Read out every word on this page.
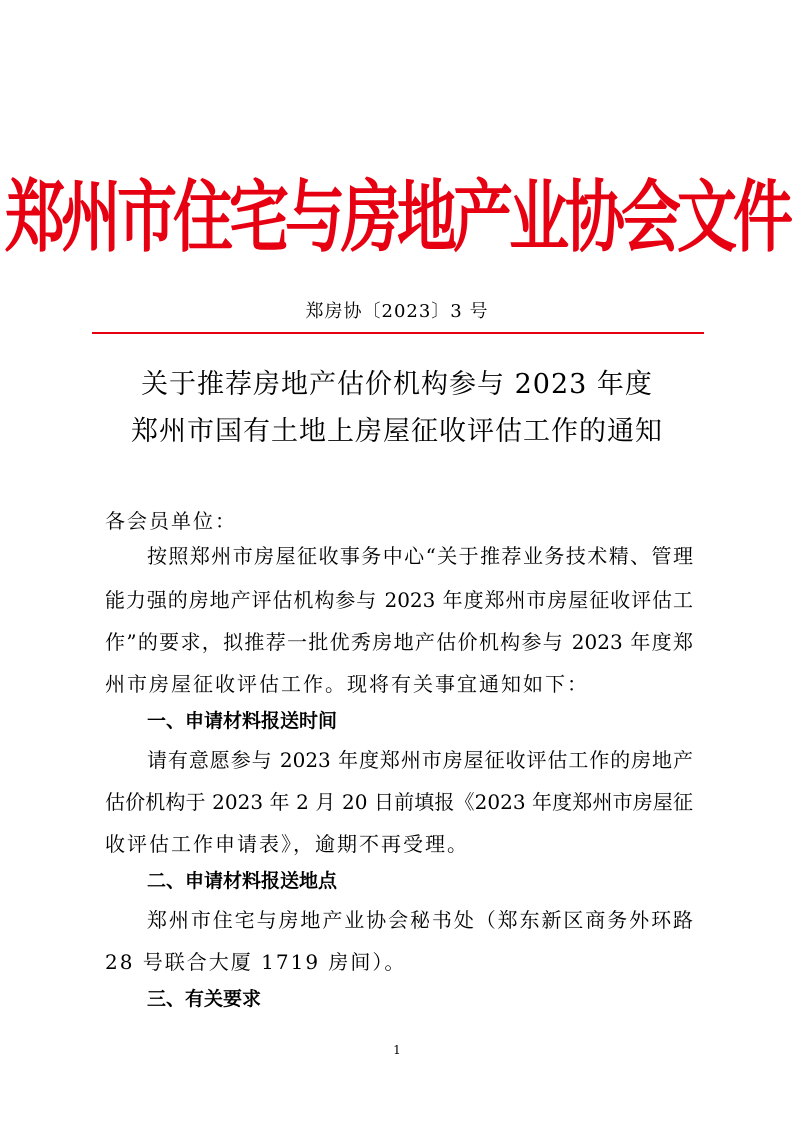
郑州市住宅与房地产业协会文件
郑房协〔2023〕3 号
关于推荐房地产估价机构参与 2023 年度
郑州市国有土地上房屋征收评估工作的通知
各会员单位：
按照郑州市房屋征收事务中心“关于推荐业务技术精、管理
能力强的房地产评估机构参与 2023 年度郑州市房屋征收评估工
作”的要求，拟推荐一批优秀房地产估价机构参与 2023 年度郑
州市房屋征收评估工作。现将有关事宜通知如下：
一、申请材料报送时间
请有意愿参与 2023 年度郑州市房屋征收评估工作的房地产
估价机构于 2023 年 2 月 20 日前填报《2023 年度郑州市房屋征
收评估工作申请表》，逾期不再受理。
二、申请材料报送地点
郑州市住宅与房地产业协会秘书处（郑东新区商务外环路
28 号联合大厦 1719 房间）。
三、有关要求
1
